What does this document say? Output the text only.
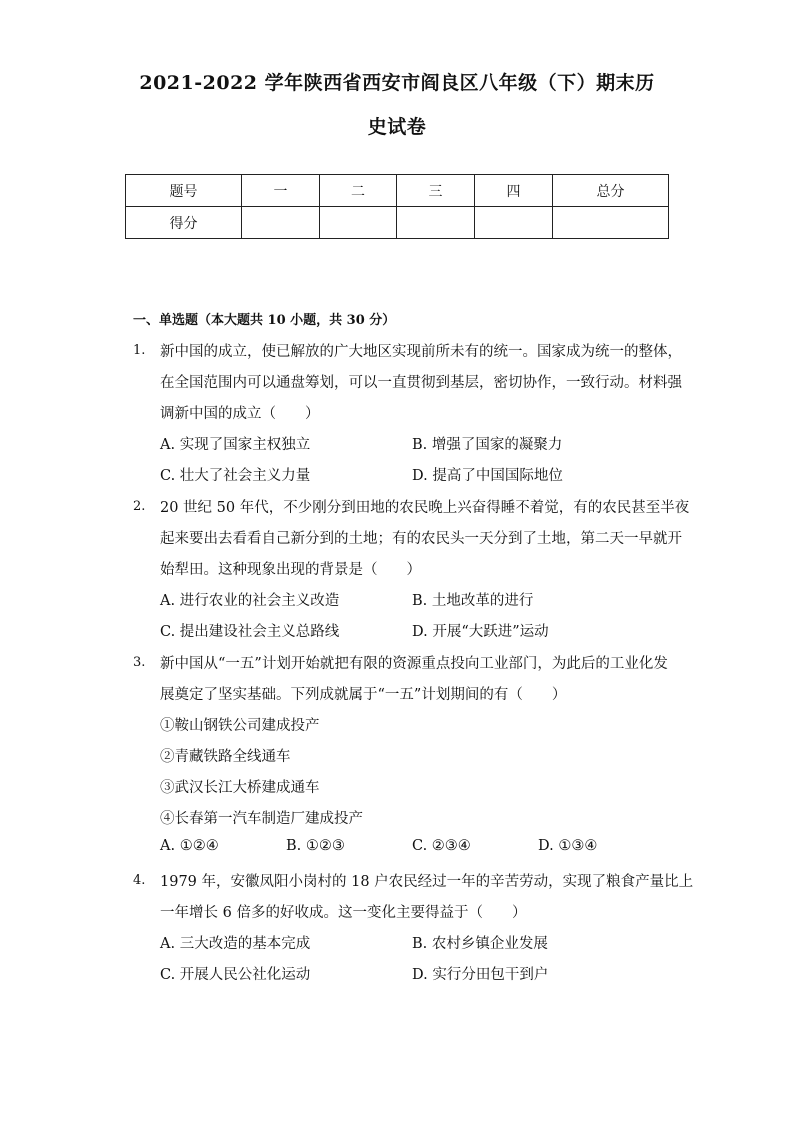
2021-2022 学年陕西省西安市阎良区八年级（下）期末历
史试卷
题号	一	二	三	四	总分
得分					
一、单选题（本大题共 10 小题，共 30 分）
1. 新中国的成立，使已解放的广大地区实现前所未有的统一。国家成为统一的整体，
在全国范围内可以通盘筹划，可以一直贯彻到基层，密切协作，一致行动。材料强
调新中国的成立（　　）
A. 实现了国家主权独立	B. 增强了国家的凝聚力
C. 壮大了社会主义力量	D. 提高了中国国际地位
2. 20 世纪 50 年代，不少刚分到田地的农民晚上兴奋得睡不着觉，有的农民甚至半夜
起来要出去看看自己新分到的土地；有的农民头一天分到了土地，第二天一早就开
始犁田。这种现象出现的背景是（　　）
A. 进行农业的社会主义改造	B. 土地改革的进行
C. 提出建设社会主义总路线	D. 开展“大跃进”运动
3. 新中国从“一五”计划开始就把有限的资源重点投向工业部门，为此后的工业化发
展奠定了坚实基础。下列成就属于“一五”计划期间的有（　　）
①鞍山钢铁公司建成投产
②青藏铁路全线通车
③武汉长江大桥建成通车
④长春第一汽车制造厂建成投产
A. ①②④	B. ①②③	C. ②③④	D. ①③④
4. 1979 年，安徽凤阳小岗村的 18 户农民经过一年的辛苦劳动，实现了粮食产量比上
一年增长 6 倍多的好收成。这一变化主要得益于（　　）
A. 三大改造的基本完成	B. 农村乡镇企业发展
C. 开展人民公社化运动	D. 实行分田包干到户
